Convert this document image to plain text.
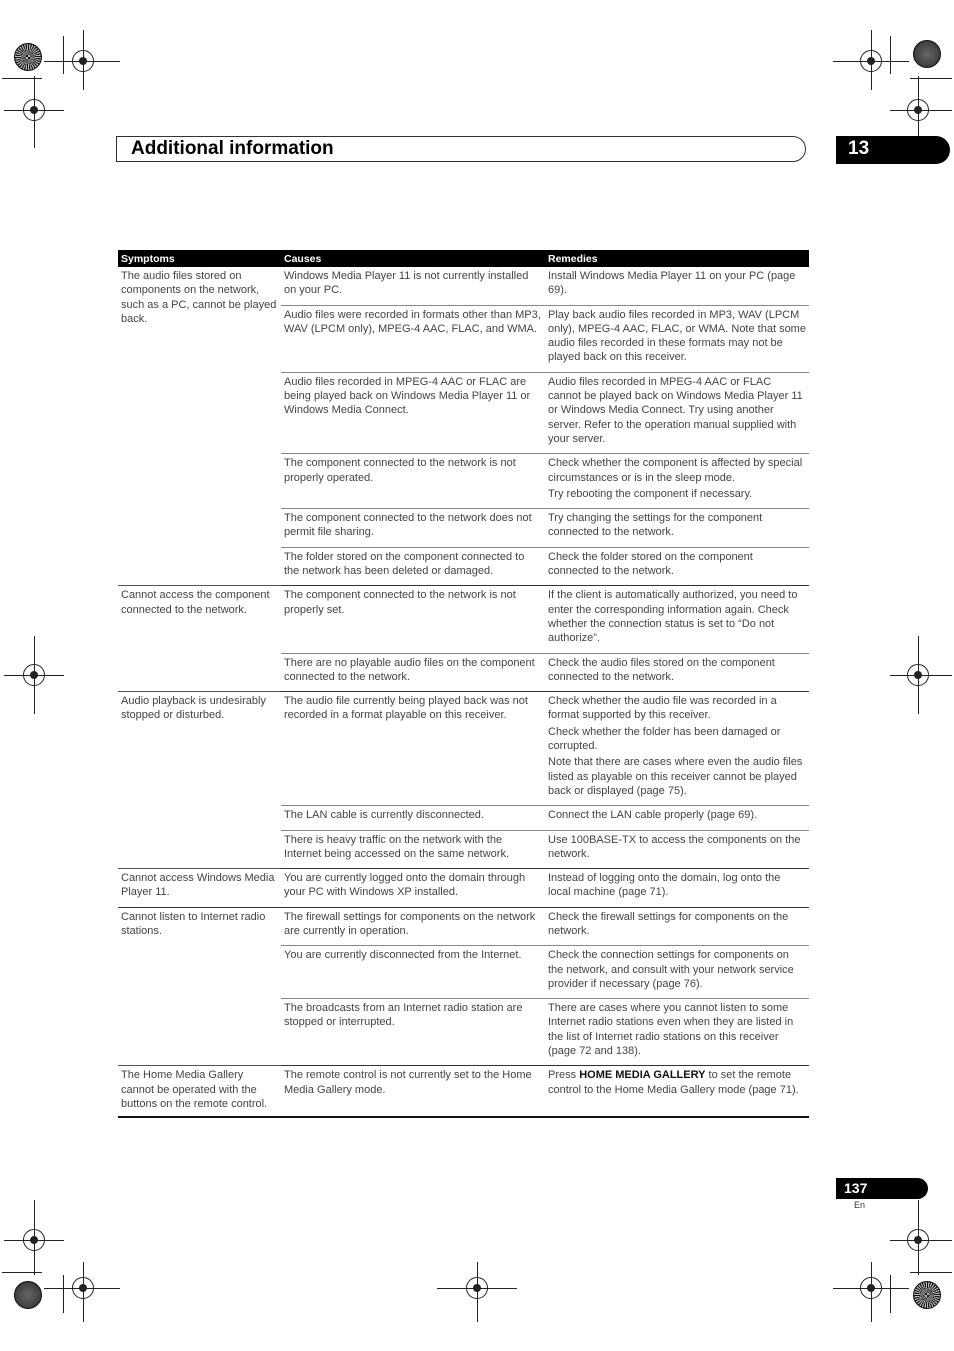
Additional information	13
Symptoms	Causes	Remedies
The audio files stored on components on the network, such as a PC, cannot be played back.	Windows Media Player 11 is not currently installed on your PC.	Install Windows Media Player 11 on your PC (page 69).

	Audio files were recorded in formats other than MP3, WAV (LPCM only), MPEG-4 AAC, FLAC, and WMA.	Play back audio files recorded in MP3, WAV (LPCM only), MPEG-4 AAC, FLAC, or WMA. Note that some audio files recorded in these formats may not be played back on this receiver.

	Audio files recorded in MPEG-4 AAC or FLAC are being played back on Windows Media Player 11 or Windows Media Connect.	Audio files recorded in MPEG-4 AAC or FLAC cannot be played back on Windows Media Player 11 or Windows Media Connect. Try using another server. Refer to the operation manual supplied with your server.

	The component connected to the network is not properly operated.	Check whether the component is affected by special circumstances or is in the sleep mode.

Try rebooting the component if necessary.

	The component connected to the network does not permit file sharing.	Try changing the settings for the component connected to the network.

	The folder stored on the component connected to the network has been deleted or damaged.	Check the folder stored on the component connected to the network.

Cannot access the component connected to the network.	The component connected to the network is not properly set.	If the client is automatically authorized, you need to enter the corresponding information again. Check whether the connection status is set to “Do not authorize”.

	There are no playable audio files on the component connected to the network.	Check the audio files stored on the component connected to the network.

Audio playback is undesirably stopped or disturbed.	The audio file currently being played back was not recorded in a format playable on this receiver.	Check whether the audio file was recorded in a format supported by this receiver.

Check whether the folder has been damaged or corrupted.

Note that there are cases where even the audio files listed as playable on this receiver cannot be played back or displayed (page 75).

	The LAN cable is currently disconnected.	Connect the LAN cable properly (page 69).

	There is heavy traffic on the network with the Internet being accessed on the same network.	Use 100BASE-TX to access the components on the network.

Cannot access Windows Media Player 11.	You are currently logged onto the domain through your PC with Windows XP installed.	Instead of logging onto the domain, log onto the local machine (page 71).

Cannot listen to Internet radio stations.	The firewall settings for components on the network are currently in operation.	Check the firewall settings for components on the network.

	You are currently disconnected from the Internet.	Check the connection settings for components on the network, and consult with your network service provider if necessary (page 76).

	The broadcasts from an Internet radio station are stopped or interrupted.	There are cases where you cannot listen to some Internet radio stations even when they are listed in the list of Internet radio stations on this receiver (page 72 and 138).

The Home Media Gallery cannot be operated with the buttons on the remote control.	The remote control is not currently set to the Home Media Gallery mode.	Press HOME MEDIA GALLERY to set the remote control to the Home Media Gallery mode (page 71).

137
En
